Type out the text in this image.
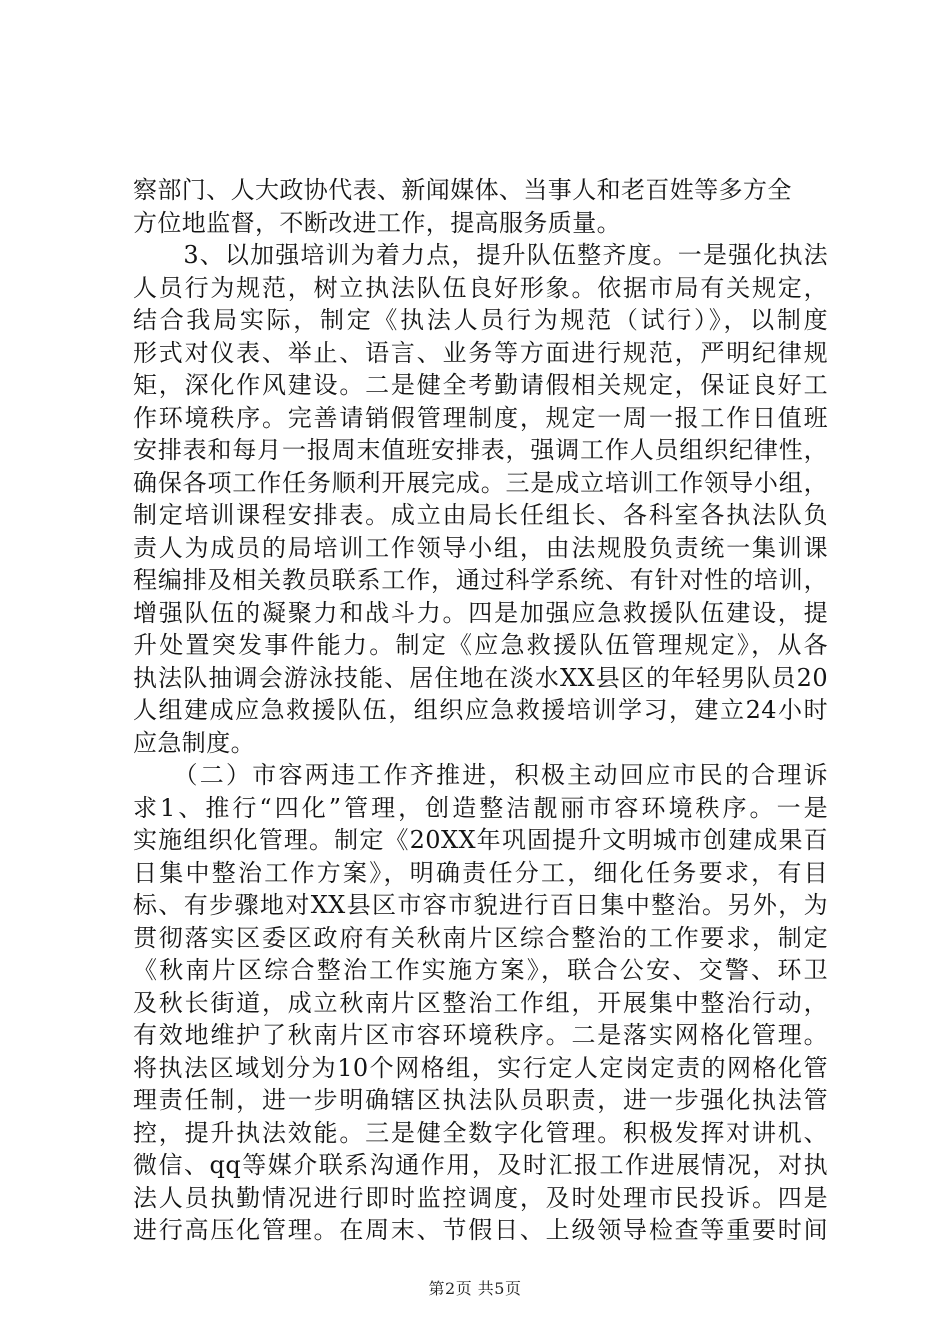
察部门、人大政协代表、新闻媒体、当事人和老百姓等多方全
方位地监督，不断改进工作，提高服务质量。
　　3、以加强培训为着力点，提升队伍整齐度。一是强化执法
人员行为规范，树立执法队伍良好形象。依据市局有关规定，
结合我局实际，制定《执法人员行为规范（试行）》，以制度
形式对仪表、举止、语言、业务等方面进行规范，严明纪律规
矩，深化作风建设。二是健全考勤请假相关规定，保证良好工
作环境秩序。完善请销假管理制度，规定一周一报工作日值班
安排表和每月一报周末值班安排表，强调工作人员组织纪律性，
确保各项工作任务顺利开展完成。三是成立培训工作领导小组，
制定培训课程安排表。成立由局长任组长、各科室各执法队负
责人为成员的局培训工作领导小组，由法规股负责统一集训课
程编排及相关教员联系工作，通过科学系统、有针对性的培训，
增强队伍的凝聚力和战斗力。四是加强应急救援队伍建设，提
升处置突发事件能力。制定《应急救援队伍管理规定》，从各
执法队抽调会游泳技能、居住地在淡水XX县区的年轻男队员20
人组建成应急救援队伍，组织应急救援培训学习，建立24小时
应急制度。
　　（二）市容两违工作齐推进，积极主动回应市民的合理诉
求1、推行“四化”管理，创造整洁靓丽市容环境秩序。一是
实施组织化管理。制定《20XX年巩固提升文明城市创建成果百
日集中整治工作方案》，明确责任分工，细化任务要求，有目
标、有步骤地对XX县区市容市貌进行百日集中整治。另外，为
贯彻落实区委区政府有关秋南片区综合整治的工作要求，制定
《秋南片区综合整治工作实施方案》，联合公安、交警、环卫
及秋长街道，成立秋南片区整治工作组，开展集中整治行动，
有效地维护了秋南片区市容环境秩序。二是落实网格化管理。
将执法区域划分为10个网格组，实行定人定岗定责的网格化管
理责任制，进一步明确辖区执法队员职责，进一步强化执法管
控，提升执法效能。三是健全数字化管理。积极发挥对讲机、
微信、qq等媒介联系沟通作用，及时汇报工作进展情况，对执
法人员执勤情况进行即时监控调度，及时处理市民投诉。四是
进行高压化管理。在周末、节假日、上级领导检查等重要时间
第2页 共5页
